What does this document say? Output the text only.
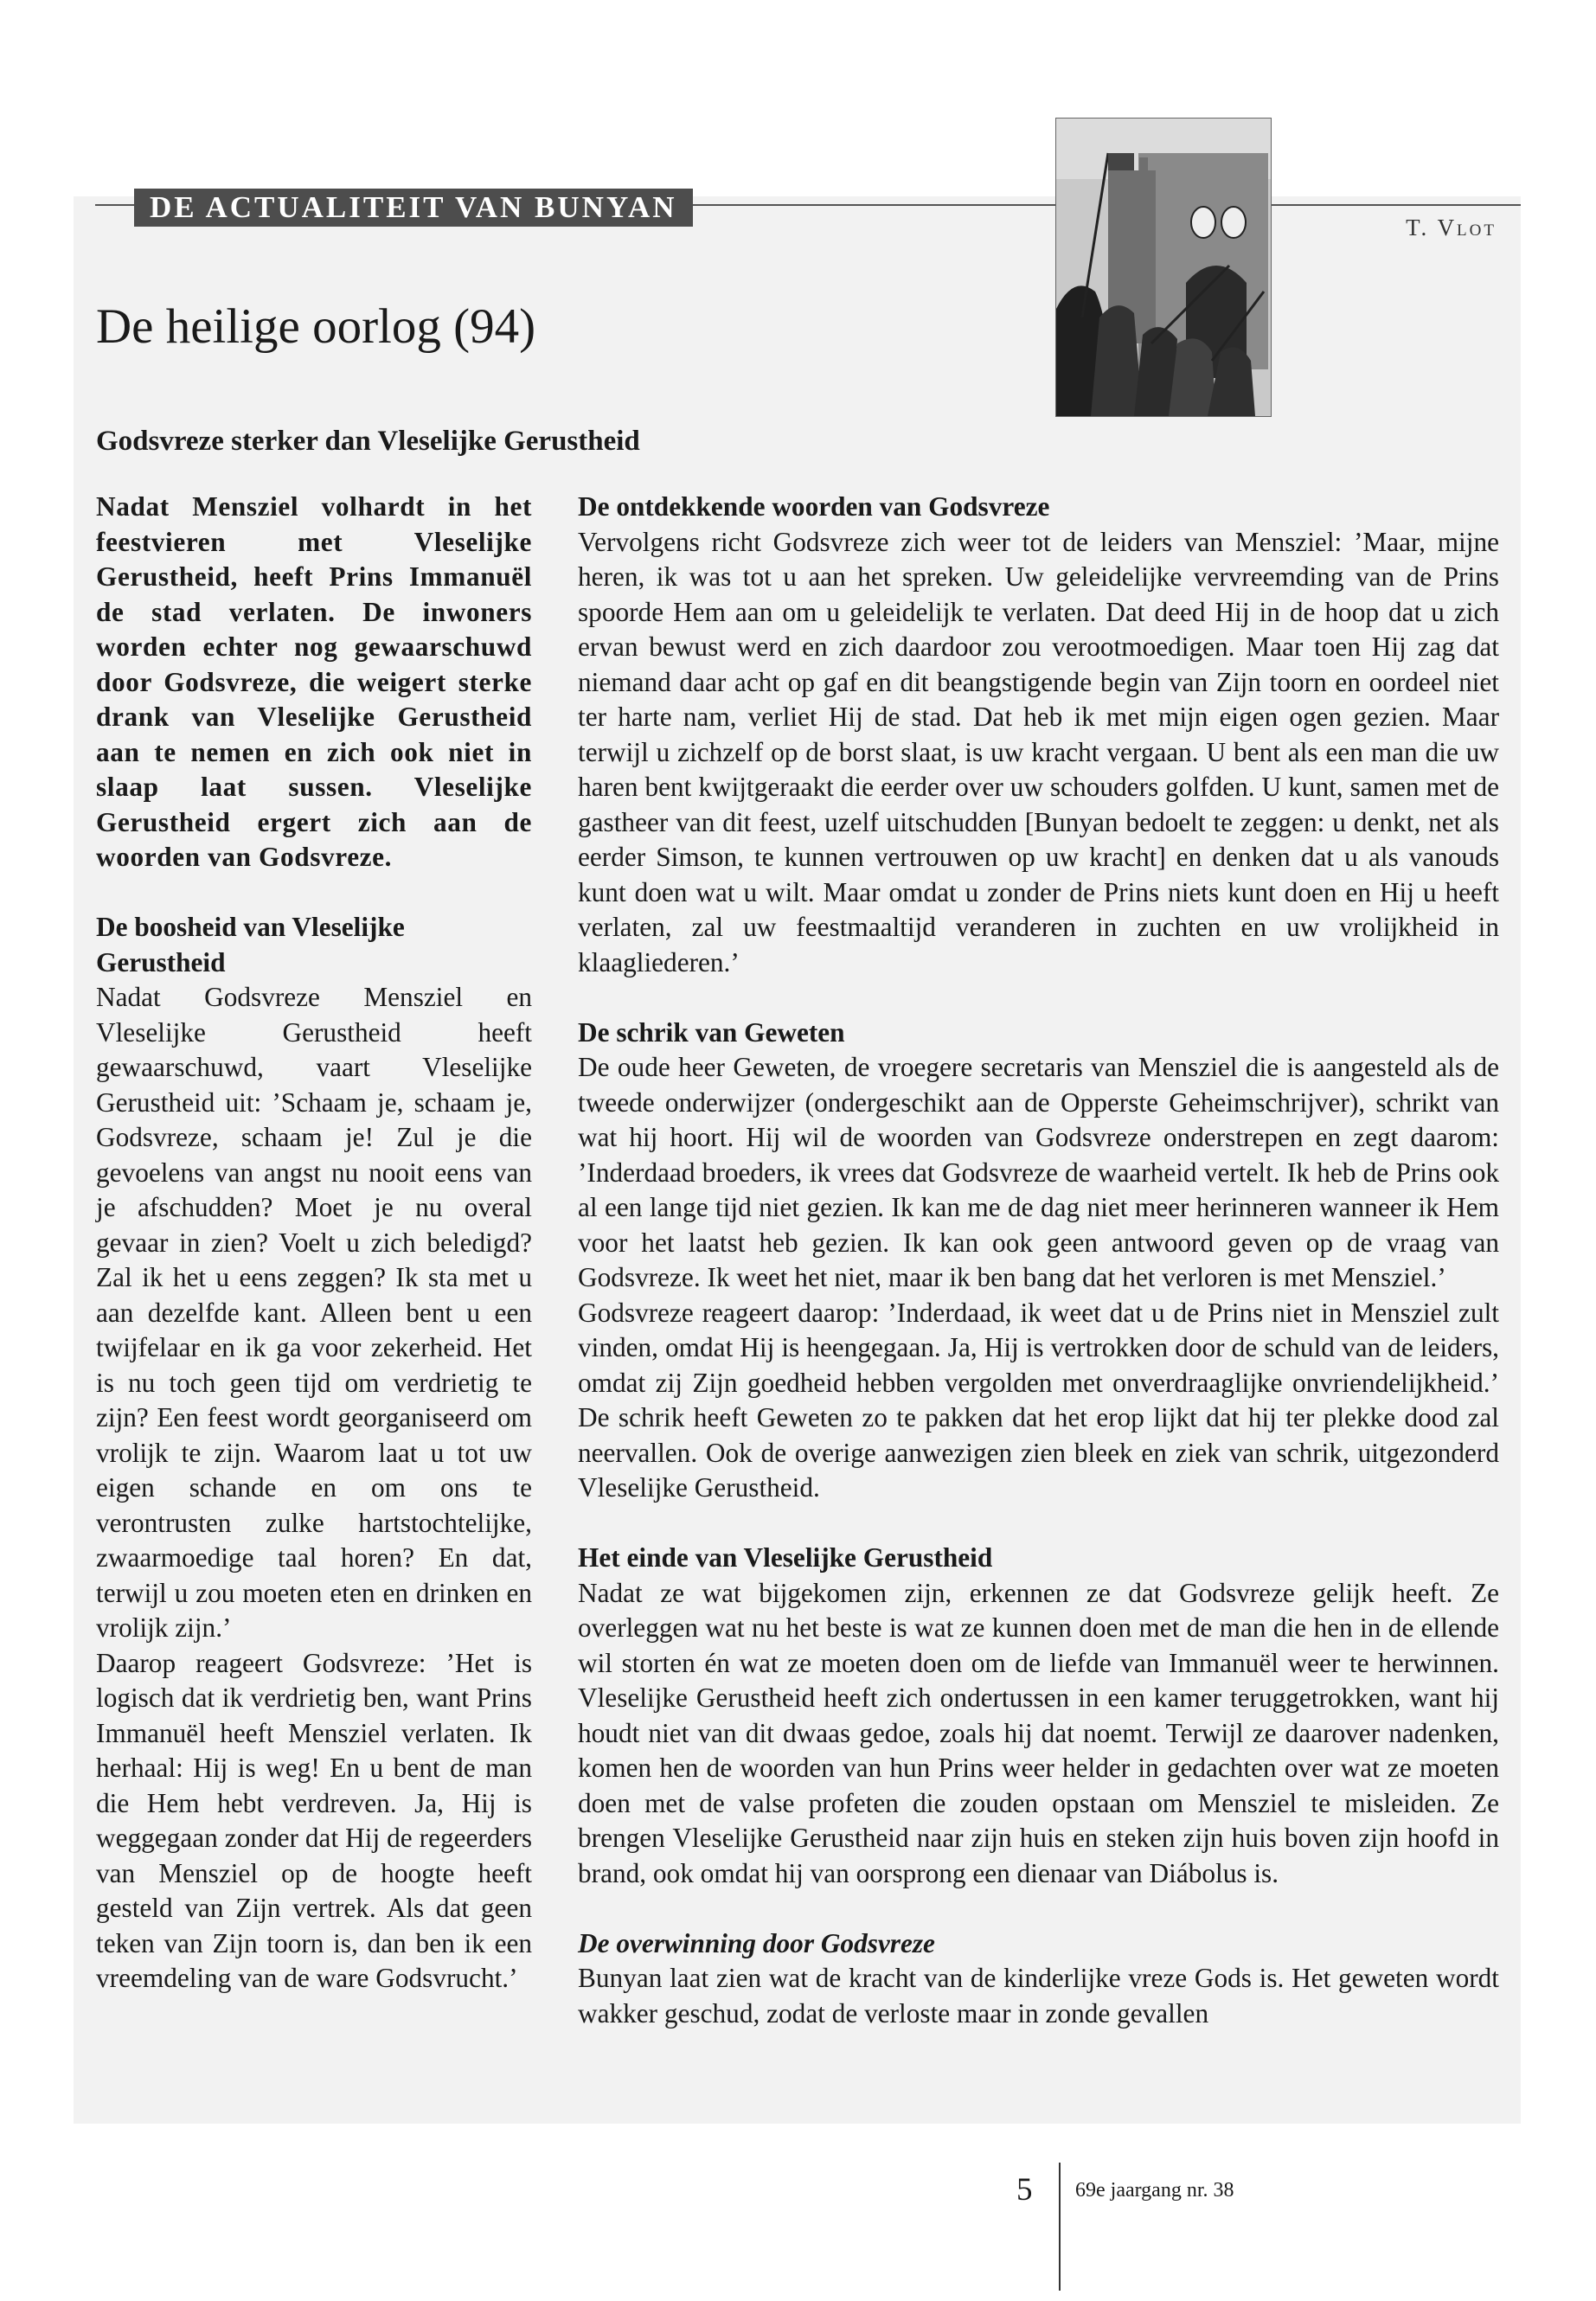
DE ACTUALITEIT VAN BUNYAN
T. Vlot
De heilige oorlog (94)
Godsvreze sterker dan Vleselijke Gerustheid

Nadat Mensziel volhardt in het feestvieren met Vleselijke Gerustheid, heeft Prins Immanuël de stad verlaten. De inwoners worden echter nog gewaarschuwd door Godsvreze, die weigert sterke drank van Vleselijke Gerustheid aan te nemen en zich ook niet in slaap laat sussen. Vleselijke Gerustheid ergert zich aan de woorden van Godsvreze.

De boosheid van Vleselijke Gerustheid

Nadat Godsvreze Mensziel en Vleselijke Gerustheid heeft gewaarschuwd, vaart Vleselijke Gerustheid uit: ’Schaam je, schaam je, Godsvreze, schaam je! Zul je die gevoelens van angst nu nooit eens van je afschudden? Moet je nu overal gevaar in zien? Voelt u zich beledigd? Zal ik het u eens zeggen? Ik sta met u aan dezelfde kant. Alleen bent u een twijfelaar en ik ga voor zekerheid. Het is nu toch geen tijd om verdrietig te zijn? Een feest wordt georganiseerd om vrolijk te zijn. Waarom laat u tot uw eigen schande en om ons te verontrusten zulke hartstochtelijke, zwaarmoedige taal horen? En dat, terwijl u zou moeten eten en drinken en vrolijk zijn.’

Daarop reageert Godsvreze: ’Het is logisch dat ik verdrietig ben, want Prins Immanuël heeft Mensziel verlaten. Ik herhaal: Hij is weg! En u bent de man die Hem hebt verdreven. Ja, Hij is weggegaan zonder dat Hij de regeerders van Mensziel op de hoogte heeft gesteld van Zijn vertrek. Als dat geen teken van Zijn toorn is, dan ben ik een vreemdeling van de ware Godsvrucht.’

De ontdekkende woorden van Godsvreze

Vervolgens richt Godsvreze zich weer tot de leiders van Mensziel: ’Maar, mijne heren, ik was tot u aan het spreken. Uw geleidelijke vervreemding van de Prins spoorde Hem aan om u geleidelijk te verlaten. Dat deed Hij in de hoop dat u zich ervan bewust werd en zich daardoor zou verootmoedigen. Maar toen Hij zag dat niemand daar acht op gaf en dit beangstigende begin van Zijn toorn en oordeel niet ter harte nam, verliet Hij de stad. Dat heb ik met mijn eigen ogen gezien. Maar terwijl u zichzelf op de borst slaat, is uw kracht vergaan. U bent als een man die uw haren bent kwijtgeraakt die eerder over uw schouders golfden. U kunt, samen met de gastheer van dit feest, uzelf uitschudden [Bunyan bedoelt te zeggen: u denkt, net als eerder Simson, te kunnen vertrouwen op uw kracht] en denken dat u als vanouds kunt doen wat u wilt. Maar omdat u zonder de Prins niets kunt doen en Hij u heeft verlaten, zal uw feestmaaltijd veranderen in zuchten en uw vrolijkheid in klaagliederen.’

De schrik van Geweten

De oude heer Geweten, de vroegere secretaris van Mensziel die is aangesteld als de tweede onderwijzer (ondergeschikt aan de Opperste Geheimschrijver), schrikt van wat hij hoort. Hij wil de woorden van Godsvreze onderstrepen en zegt daarom: ’Inderdaad broeders, ik vrees dat Godsvreze de waarheid vertelt. Ik heb de Prins ook al een lange tijd niet gezien. Ik kan me de dag niet meer herinneren wanneer ik Hem voor het laatst heb gezien. Ik kan ook geen antwoord geven op de vraag van Godsvreze. Ik weet het niet, maar ik ben bang dat het verloren is met Mensziel.’

Godsvreze reageert daarop: ’Inderdaad, ik weet dat u de Prins niet in Mensziel zult vinden, omdat Hij is heengegaan. Ja, Hij is vertrokken door de schuld van de leiders, omdat zij Zijn goedheid hebben vergolden met onverdraaglijke onvriendelijkheid.’ De schrik heeft Geweten zo te pakken dat het erop lijkt dat hij ter plekke dood zal neervallen. Ook de overige aanwezigen zien bleek en ziek van schrik, uitgezonderd Vleselijke Gerustheid.

Het einde van Vleselijke Gerustheid

Nadat ze wat bijgekomen zijn, erkennen ze dat Godsvreze gelijk heeft. Ze overleggen wat nu het beste is wat ze kunnen doen met de man die hen in de ellende wil storten én wat ze moeten doen om de liefde van Immanuël weer te herwinnen. Vleselijke Gerustheid heeft zich ondertussen in een kamer teruggetrokken, want hij houdt niet van dit dwaas gedoe, zoals hij dat noemt. Terwijl ze daarover nadenken, komen hen de woorden van hun Prins weer helder in gedachten over wat ze moeten doen met de valse profeten die zouden opstaan om Mensziel te misleiden. Ze brengen Vleselijke Gerustheid naar zijn huis en steken zijn huis boven zijn hoofd in brand, ook omdat hij van oorsprong een dienaar van Diábolus is.

De overwinning door Godsvreze

Bunyan laat zien wat de kracht van de kinderlijke vreze Gods is. Het geweten wordt wakker geschud, zodat de verloste maar in zonde gevallen

5 69e jaargang nr. 38
